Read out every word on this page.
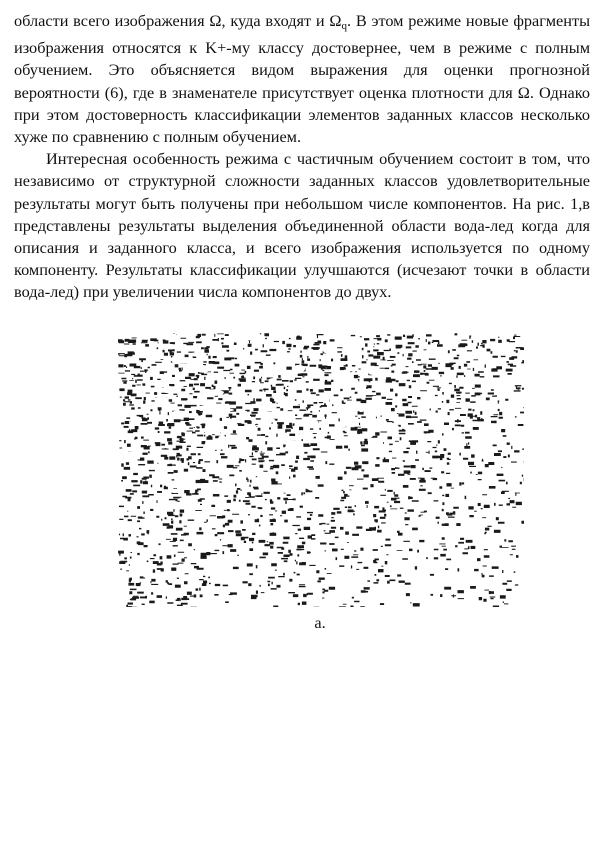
области всего изображения Ω, куда входят и $\Omega_q$. В этом режиме новые фрагменты изображения относятся к K+-му классу достовернее, чем в режиме с полным обучением. Это объясняется видом выражения для оценки прогнозной вероятности (6), где в знаменателе присутствует оценка плотности для Ω. Однако при этом достоверность классификации элементов заданных классов несколько хуже по сравнению с полным обучением.

Интересная особенность режима с частичным обучением состоит в том, что независимо от структурной сложности заданных классов удовлетворительные результаты могут быть получены при небольшом числе компонентов. На рис. 1,в представлены результаты выделения объединенной области вода-лед когда для описания и заданного класса, и всего изображения используется по одному компоненту. Результаты классификации улучшаются (исчезают точки в области вода-лед) при увеличении числа компонентов до двух.

а.
